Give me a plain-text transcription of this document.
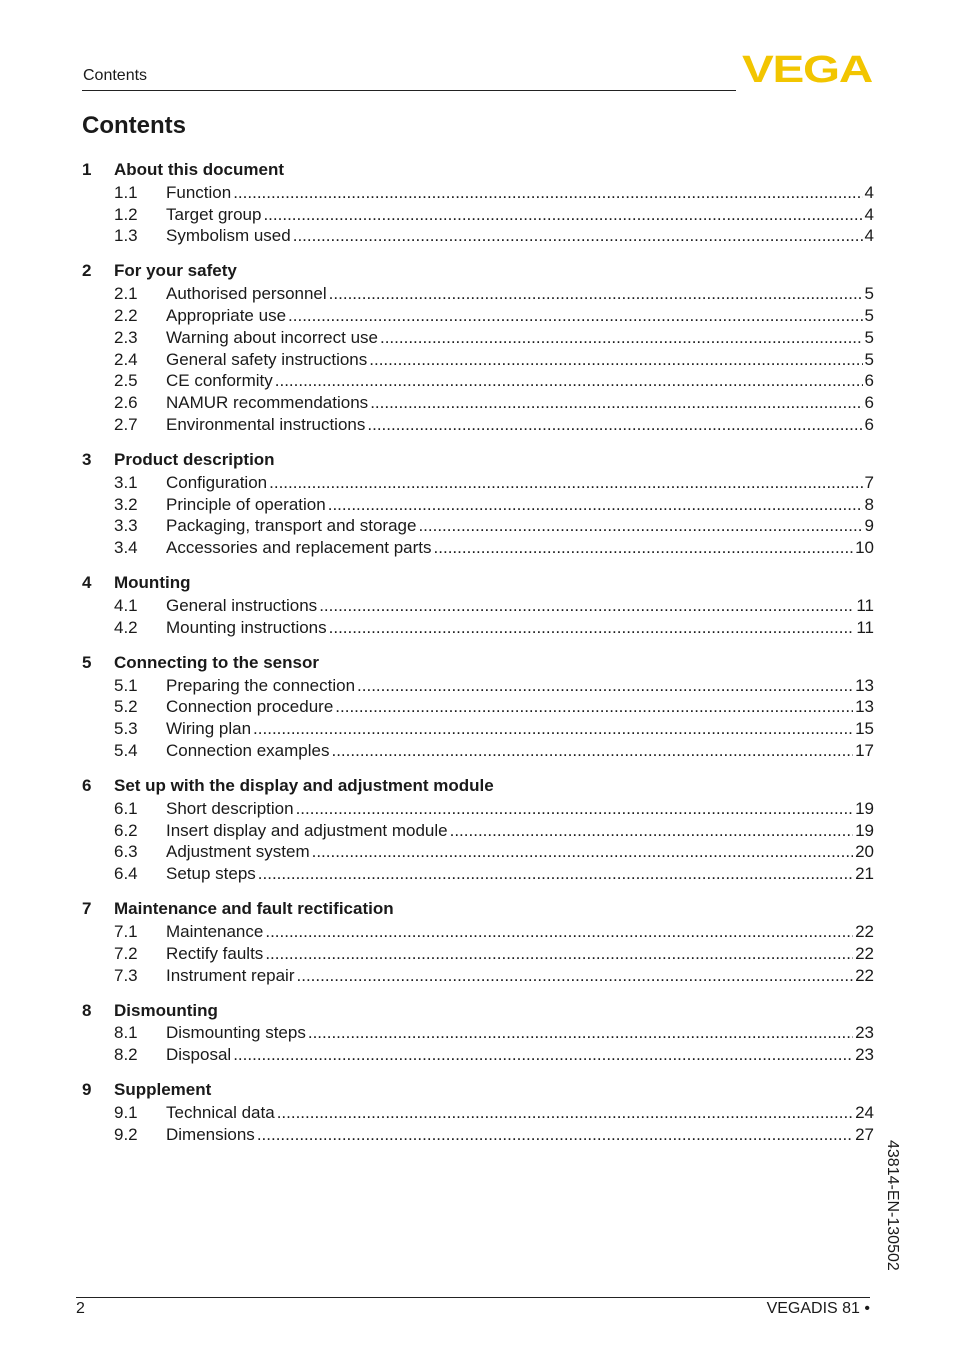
Contents	VEGA
Contents
1	About this document
1.1	Function .....	4
1.2	Target group .....	4
1.3	Symbolism used .....	4
2	For your safety
2.1	Authorised personnel .....	5
2.2	Appropriate use .....	5
2.3	Warning about incorrect use .....	5
2.4	General safety instructions .....	5
2.5	CE conformity .....	6
2.6	NAMUR recommendations .....	6
2.7	Environmental instructions .....	6
3	Product description
3.1	Configuration .....	7
3.2	Principle of operation .....	8
3.3	Packaging, transport and storage .....	9
3.4	Accessories and replacement parts .....	10
4	Mounting
4.1	General instructions .....	11
4.2	Mounting instructions .....	11
5	Connecting to the sensor
5.1	Preparing the connection .....	13
5.2	Connection procedure .....	13
5.3	Wiring plan .....	15
5.4	Connection examples .....	17
6	Set up with the display and adjustment module
6.1	Short description .....	19
6.2	Insert display and adjustment module .....	19
6.3	Adjustment system .....	20
6.4	Setup steps .....	21
7	Maintenance and fault rectification
7.1	Maintenance .....	22
7.2	Rectify faults .....	22
7.3	Instrument repair .....	22
8	Dismounting
8.1	Dismounting steps .....	23
8.2	Disposal .....	23
9	Supplement
9.1	Technical data .....	24
9.2	Dimensions .....	27
43814-EN-130502
2	VEGADIS 81 •
